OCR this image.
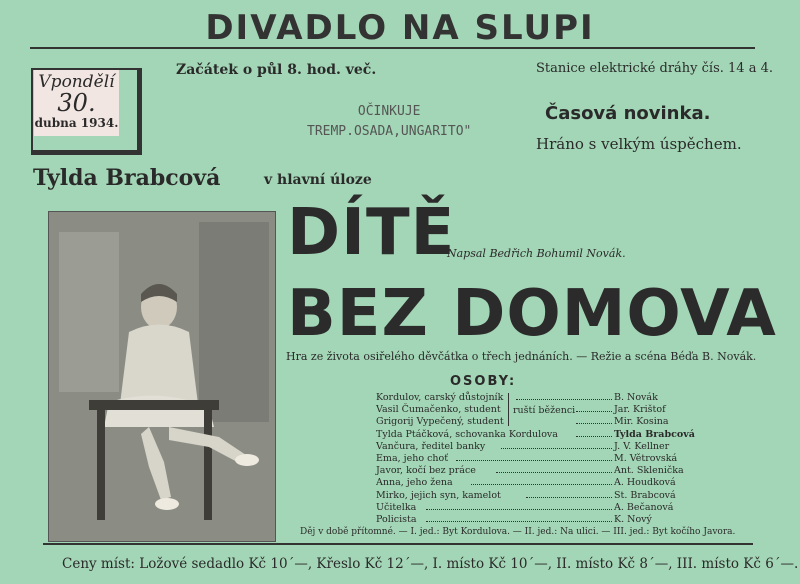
DIVADLO NA SLUPI
Vpondělí
30.
dubna 1934.
Začátek o půl 8. hod. več.	Stanice elektrické dráhy čís. 14 a 4.
OČINKUJE
TREMP.OSADA,UNGARITO"
Časová novinka.
Hráno s velkým úspěchem.
Tylda Brabcová	v hlavní úloze
DÍTĚ
Napsal Bedřich Bohumil Novák.
BEZ DOMOVA
Hra ze života osiřelého děvčátka o třech jednáních. — Režie a scéna Béďa B. Novák.
OSOBY:
Kordulov, carský důstojník	B. Novák
Vasil Čumačenko, student	Jar. Krištof
Grigorij Vypečený, student	Mir. Kosina
Tylda Ptáčková, schovanka Kordulova	Tylda Brabcová
Vančura, ředitel banky	J. V. Kellner
Ema, jeho choť	M. Větrovská
Javor, kočí bez práce	Ant. Sklenička
Anna, jeho žena	A. Houdková
Mirko, jejich syn, kamelot	St. Brabcová
Učitelka	A. Bečanová
Policista	K. Nový
ruští běženci
Děj v době přítomné. — I. jed.: Byt Kordulova. — II. jed.: Na ulici. — III. jed.: Byt kočího Javora.
Ceny míst: Ložové sedadlo Kč 10´—, Křeslo Kč 12´—, I. místo Kč 10´—, II. místo Kč 8´—, III. místo Kč 6´—.
